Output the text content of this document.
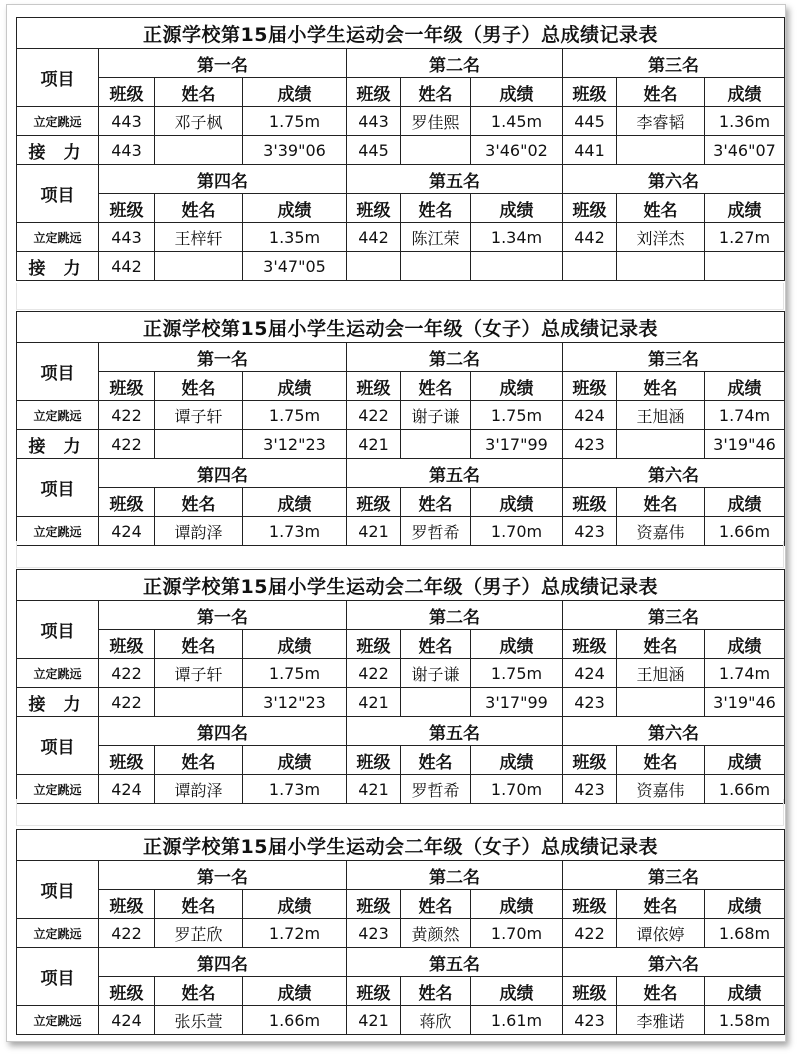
正源学校第15届小学生运动会一年级（男子）总成绩记录表									
项目	第一名			第二名			第三名		
	班级	姓名	成绩	班级	姓名	成绩	班级	姓名	成绩
立定跳远	443	邓子枫	1.75m	443	罗佳熙	1.45m	445	李睿韬	1.36m
接 力	443		3'39"06	445		3'46"02	441		3'46"07
项目	第四名			第五名			第六名		
	班级	姓名	成绩	班级	姓名	成绩	班级	姓名	成绩
立定跳远	443	王梓轩	1.35m	442	陈江荣	1.34m	442	刘洋杰	1.27m
接 力	442		3'47"05						
正源学校第15届小学生运动会一年级（女子）总成绩记录表									
项目	第一名			第二名			第三名		
	班级	姓名	成绩	班级	姓名	成绩	班级	姓名	成绩
立定跳远	422	谭子轩	1.75m	422	谢子谦	1.75m	424	王旭涵	1.74m
接 力	422		3'12"23	421		3'17"99	423		3'19"46
项目	第四名			第五名			第六名		
	班级	姓名	成绩	班级	姓名	成绩	班级	姓名	成绩
立定跳远	424	谭韵泽	1.73m	421	罗哲希	1.70m	423	资嘉伟	1.66m
正源学校第15届小学生运动会二年级（男子）总成绩记录表									
项目	第一名			第二名			第三名		
	班级	姓名	成绩	班级	姓名	成绩	班级	姓名	成绩
立定跳远	422	谭子轩	1.75m	422	谢子谦	1.75m	424	王旭涵	1.74m
接 力	422		3'12"23	421		3'17"99	423		3'19"46
项目	第四名			第五名			第六名		
	班级	姓名	成绩	班级	姓名	成绩	班级	姓名	成绩
立定跳远	424	谭韵泽	1.73m	421	罗哲希	1.70m	423	资嘉伟	1.66m
正源学校第15届小学生运动会二年级（女子）总成绩记录表									
项目	第一名			第二名			第三名		
	班级	姓名	成绩	班级	姓名	成绩	班级	姓名	成绩
立定跳远	422	罗芷欣	1.72m	423	黄颜然	1.70m	422	谭依婷	1.68m
项目	第四名			第五名			第六名		
	班级	姓名	成绩	班级	姓名	成绩	班级	姓名	成绩
立定跳远	424	张乐萱	1.66m	421	蒋欣	1.61m	423	李雅诺	1.58m
